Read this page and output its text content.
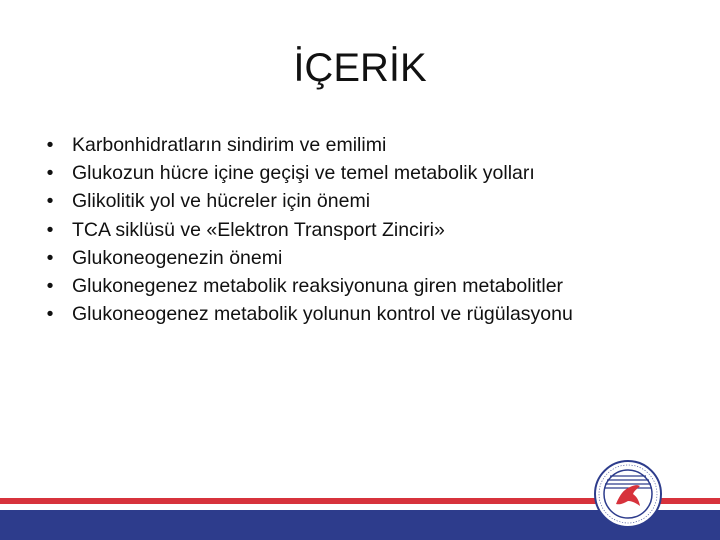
İÇERİK
• Karbonhidratların sindirim ve emilimi
• Glukozun hücre içine geçişi ve temel metabolik yolları
• Glikolitik yol ve hücreler için önemi
• TCA siklüsü ve «Elektron Transport Zinciri»
• Glukoneogenezin önemi
• Glukonegenez metabolik reaksiyonuna giren metabolitler
• Glukoneogenez metabolik yolunun kontrol ve rügülasyonu
